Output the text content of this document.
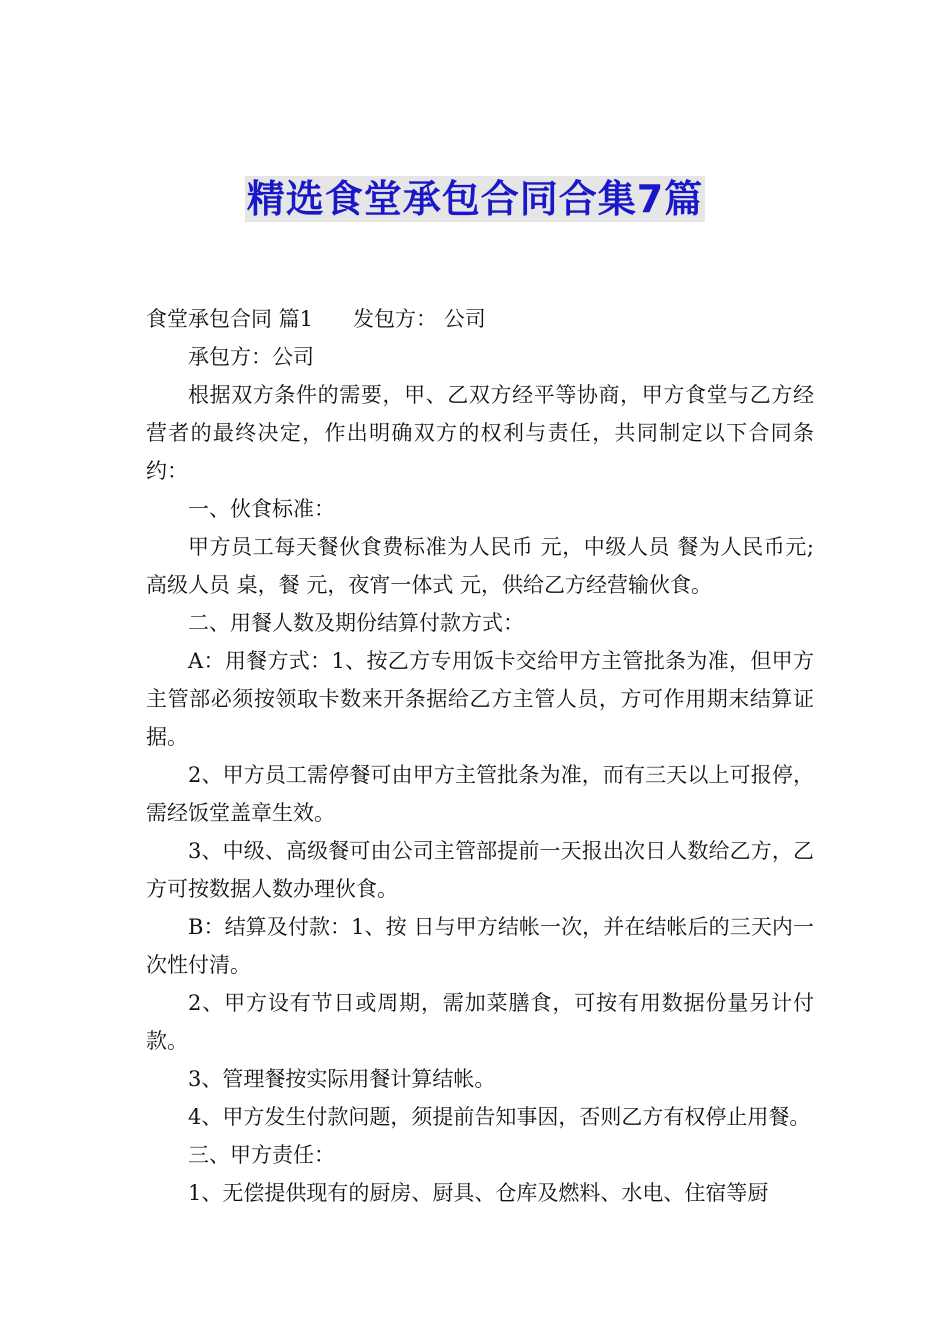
精选食堂承包合同合集7篇

食堂承包合同 篇1 发包方： 公司

承包方：公司

根据双方条件的需要，甲、乙双方经平等协商，甲方食堂与乙方经营者的最终决定，作出明确双方的权利与责任，共同制定以下合同条约：

一、伙食标准：

甲方员工每天餐伙食费标准为人民币 元，中级人员 餐为人民币元;高级人员 桌，餐 元，夜宵一体式 元，供给乙方经营输伙食。

二、用餐人数及期份结算付款方式：

A：用餐方式：1、按乙方专用饭卡交给甲方主管批条为准，但甲方主管部必须按领取卡数来开条据给乙方主管人员，方可作用期末结算证据。

2、甲方员工需停餐可由甲方主管批条为准，而有三天以上可报停，需经饭堂盖章生效。

3、中级、高级餐可由公司主管部提前一天报出次日人数给乙方，乙方可按数据人数办理伙食。

B：结算及付款：1、按 日与甲方结帐一次，并在结帐后的三天内一次性付清。

2、甲方设有节日或周期，需加菜膳食，可按有用数据份量另计付款。

3、管理餐按实际用餐计算结帐。

4、甲方发生付款问题，须提前告知事因，否则乙方有权停止用餐。

三、甲方责任：

1、无偿提供现有的厨房、厨具、仓库及燃料、水电、住宿等厨
